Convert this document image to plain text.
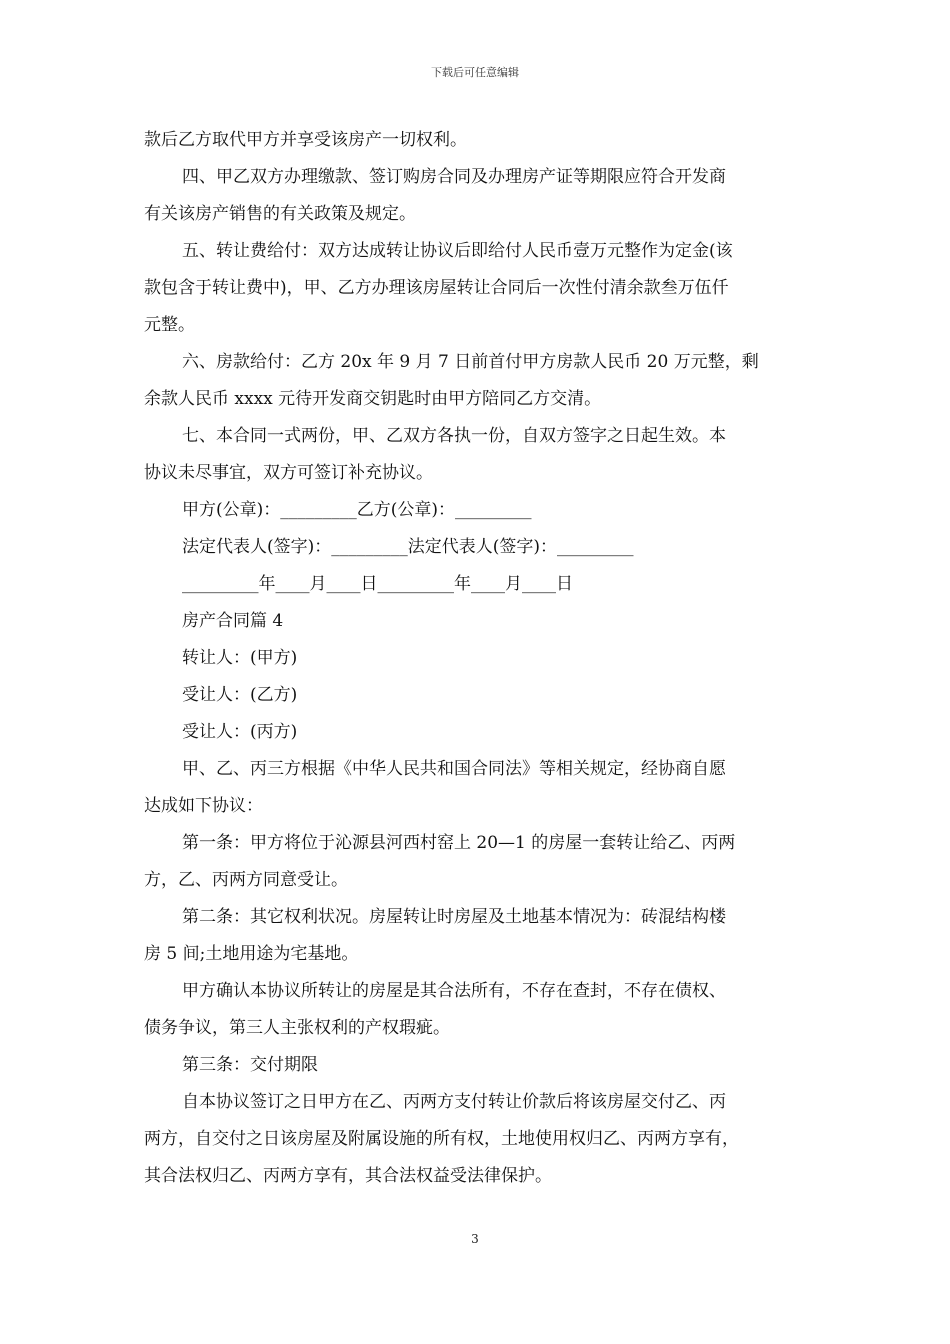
下载后可任意编辑
款后乙方取代甲方并享受该房产一切权利。
四、甲乙双方办理缴款、签订购房合同及办理房产证等期限应符合开发商
有关该房产销售的有关政策及规定。
五、转让费给付：双方达成转让协议后即给付人民币壹万元整作为定金(该
款包含于转让费中)，甲、乙方办理该房屋转让合同后一次性付清余款叁万伍仟
元整。
六、房款给付：乙方 20x 年 9 月 7 日前首付甲方房款人民币 20 万元整，剩
余款人民币 xxxx 元待开发商交钥匙时由甲方陪同乙方交清。
七、本合同一式两份，甲、乙双方各执一份，自双方签字之日起生效。本
协议未尽事宜，双方可签订补充协议。
甲方(公章)：_________乙方(公章)：_________
法定代表人(签字)：_________法定代表人(签字)：_________
_________年____月____日_________年____月____日
房产合同篇 4
转让人：(甲方)
受让人：(乙方)
受让人：(丙方)
甲、乙、丙三方根据《中华人民共和国合同法》等相关规定，经协商自愿
达成如下协议：
第一条：甲方将位于沁源县河西村窑上 20—1 的房屋一套转让给乙、丙两
方，乙、丙两方同意受让。
第二条：其它权利状况。房屋转让时房屋及土地基本情况为：砖混结构楼
房 5 间;土地用途为宅基地。
甲方确认本协议所转让的房屋是其合法所有，不存在查封，不存在债权、
债务争议，第三人主张权利的产权瑕疵。
第三条：交付期限
自本协议签订之日甲方在乙、丙两方支付转让价款后将该房屋交付乙、丙
两方，自交付之日该房屋及附属设施的所有权，土地使用权归乙、丙两方享有，
其合法权归乙、丙两方享有，其合法权益受法律保护。
3
